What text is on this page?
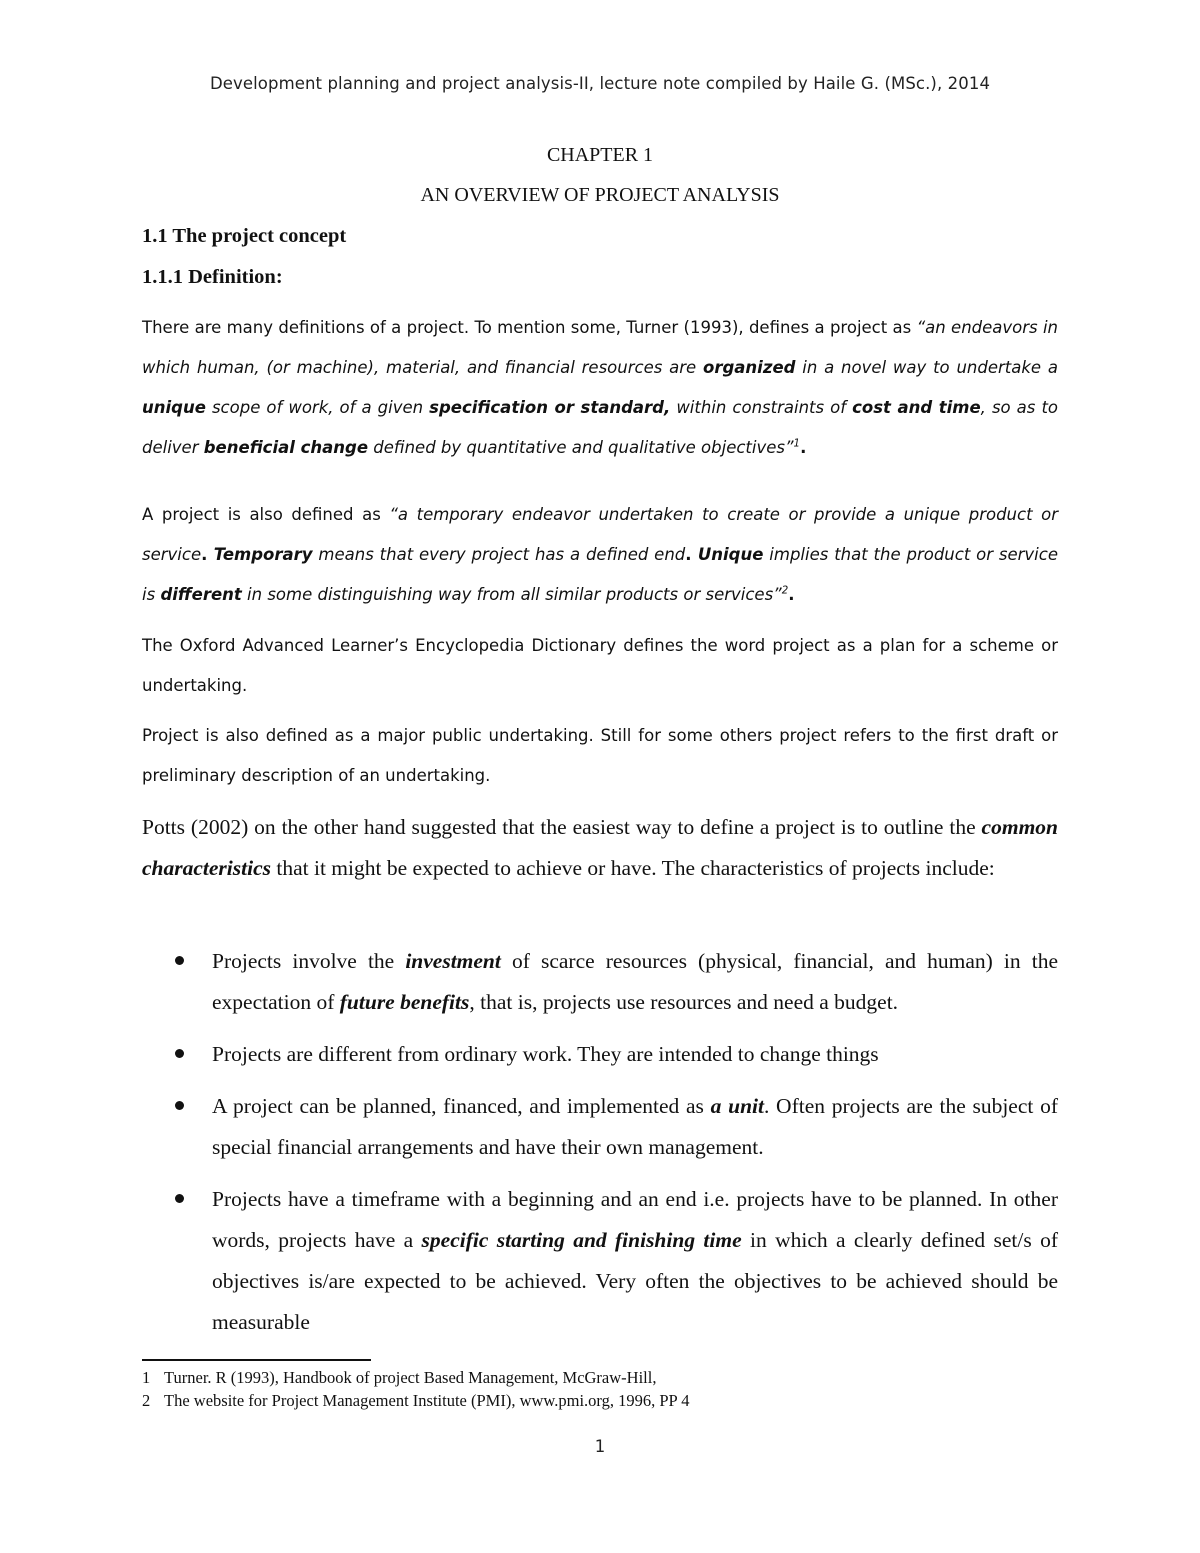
Development planning and project analysis-II, lecture note compiled by Haile G. (MSc.), 2014
CHAPTER 1
AN OVERVIEW OF PROJECT ANALYSIS
1.1 The project concept
1.1.1 Definition:
There are many definitions of a project. To mention some, Turner (1993), defines a project as “an endeavors in which human, (or machine), material, and financial resources are organized in a novel way to undertake a unique scope of work, of a given specification or standard, within constraints of cost and time, so as to deliver beneficial change defined by quantitative and qualitative objectives”$^1$.
A project is also defined as “a temporary endeavor undertaken to create or provide a unique product or service. Temporary means that every project has a defined end. Unique implies that the product or service is different in some distinguishing way from all similar products or services”$^2$.
The Oxford Advanced Learner’s Encyclopedia Dictionary defines the word project as a plan for a scheme or undertaking.
Project is also defined as a major public undertaking. Still for some others project refers to the first draft or preliminary description of an undertaking.
Potts (2002) on the other hand suggested that the easiest way to define a project is to outline the common characteristics that it might be expected to achieve or have. The characteristics of projects include:
Projects involve the investment of scarce resources (physical, financial, and human) in the expectation of future benefits, that is, projects use resources and need a budget.
Projects are different from ordinary work. They are intended to change things
A project can be planned, financed, and implemented as a unit. Often projects are the subject of special financial arrangements and have their own management.
Projects have a timeframe with a beginning and an end i.e. projects have to be planned. In other words, projects have a specific starting and finishing time in which a clearly defined set/s of objectives is/are expected to be achieved. Very often the objectives to be achieved should be measurable
1 Turner. R (1993), Handbook of project Based Management, McGraw-Hill,
2 The website for Project Management Institute (PMI), www.pmi.org, 1996, PP 4
1
